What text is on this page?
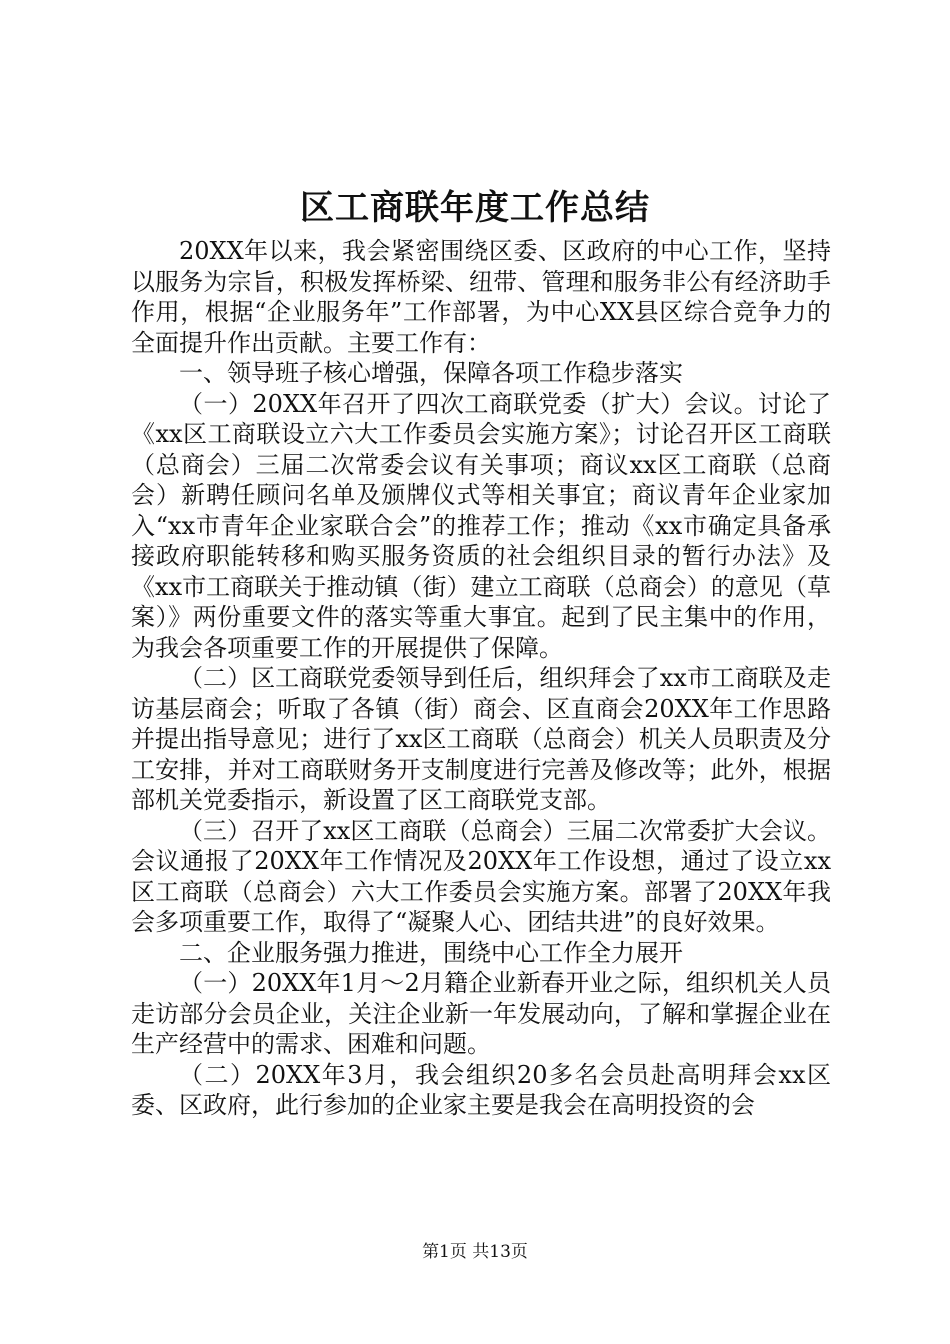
区工商联年度工作总结

20XX年以来，我会紧密围绕区委、区政府的中心工作，坚持以服务为宗旨，积极发挥桥梁、纽带、管理和服务非公有经济助手作用，根据“企业服务年”工作部署，为中心XX县区综合竞争力的全面提升作出贡献。主要工作有：

一、领导班子核心增强，保障各项工作稳步落实

（一）20XX年召开了四次工商联党委（扩大）会议。讨论了《xx区工商联设立六大工作委员会实施方案》；讨论召开区工商联（总商会）三届二次常委会议有关事项；商议xx区工商联（总商会）新聘任顾问名单及颁牌仪式等相关事宜；商议青年企业家加入“xx市青年企业家联合会”的推荐工作；推动《xx市确定具备承接政府职能转移和购买服务资质的社会组织目录的暂行办法》及《xx市工商联关于推动镇（街）建立工商联（总商会）的意见（草案）》两份重要文件的落实等重大事宜。起到了民主集中的作用，为我会各项重要工作的开展提供了保障。

（二）区工商联党委领导到任后，组织拜会了xx市工商联及走访基层商会；听取了各镇（街）商会、区直商会20XX年工作思路并提出指导意见；进行了xx区工商联（总商会）机关人员职责及分工安排，并对工商联财务开支制度进行完善及修改等；此外，根据部机关党委指示，新设置了区工商联党支部。

（三）召开了xx区工商联（总商会）三届二次常委扩大会议。会议通报了20XX年工作情况及20XX年工作设想，通过了设立xx区工商联（总商会）六大工作委员会实施方案。部署了20XX年我会多项重要工作，取得了“凝聚人心、团结共进”的良好效果。

二、企业服务强力推进，围绕中心工作全力展开

（一）20XX年1月～2月籍企业新春开业之际，组织机关人员走访部分会员企业，关注企业新一年发展动向，了解和掌握企业在生产经营中的需求、困难和问题。

（二）20XX年3月，我会组织20多名会员赴高明拜会xx区委、区政府，此行参加的企业家主要是我会在高明投资的会

第1页 共13页
